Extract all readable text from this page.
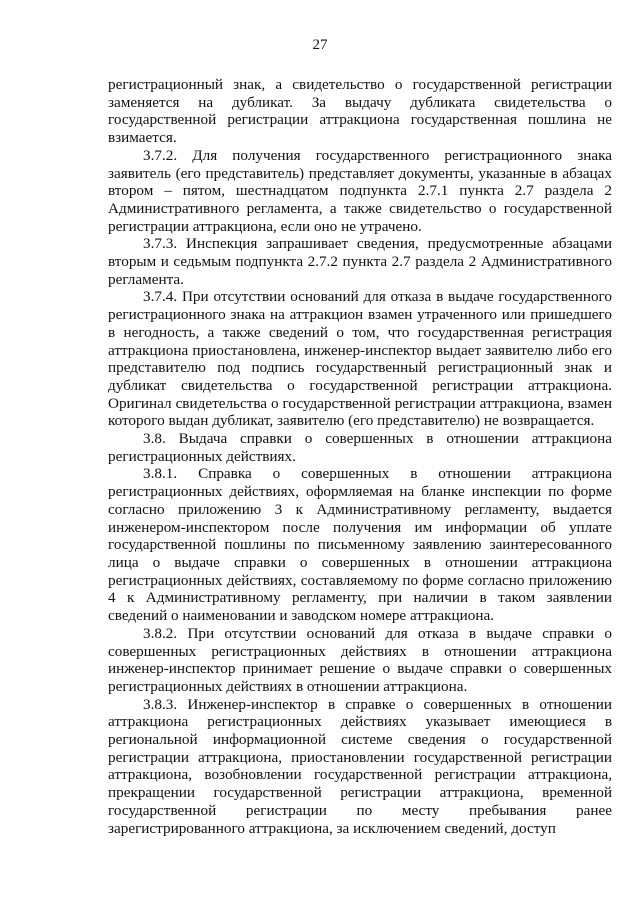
27

регистрационный знак, а свидетельство о государственной регистрации заменяется на дубликат. За выдачу дубликата свидетельства о государственной регистрации аттракциона государственная пошлина не взимается.

3.7.2. Для получения государственного регистрационного знака заявитель (его представитель) представляет документы, указанные в абзацах втором – пятом, шестнадцатом подпункта 2.7.1 пункта 2.7 раздела 2 Административного регламента, а также свидетельство о государственной регистрации аттракциона, если оно не утрачено.

3.7.3. Инспекция запрашивает сведения, предусмотренные абзацами вторым и седьмым подпункта 2.7.2 пункта 2.7 раздела 2 Административного регламента.

3.7.4. При отсутствии оснований для отказа в выдаче государственного регистрационного знака на аттракцион взамен утраченного или пришедшего в негодность, а также сведений о том, что государственная регистрация аттракциона приостановлена, инженер-инспектор выдает заявителю либо его представителю под подпись государственный регистрационный знак и дубликат свидетельства о государственной регистрации аттракциона. Оригинал свидетельства о государственной регистрации аттракциона, взамен которого выдан дубликат, заявителю (его представителю) не возвращается.

3.8. Выдача справки о совершенных в отношении аттракциона регистрационных действиях.

3.8.1. Справка о совершенных в отношении аттракциона регистрационных действиях, оформляемая на бланке инспекции по форме согласно приложению 3 к Административному регламенту, выдается инженером-инспектором после получения им информации об уплате государственной пошлины по письменному заявлению заинтересованного лица о выдаче справки о совершенных в отношении аттракциона регистрационных действиях, составляемому по форме согласно приложению 4 к Административному регламенту, при наличии в таком заявлении сведений о наименовании и заводском номере аттракциона.

3.8.2. При отсутствии оснований для отказа в выдаче справки о совершенных регистрационных действиях в отношении аттракциона инженер-инспектор принимает решение о выдаче справки о совершенных регистрационных действиях в отношении аттракциона.

3.8.3. Инженер-инспектор в справке о совершенных в отношении аттракциона регистрационных действиях указывает имеющиеся в региональной информационной системе сведения о государственной регистрации аттракциона, приостановлении государственной регистрации аттракциона, возобновлении государственной регистрации аттракциона, прекращении государственной регистрации аттракциона, временной государственной регистрации по месту пребывания ранее зарегистрированного аттракциона, за исключением сведений, доступ
